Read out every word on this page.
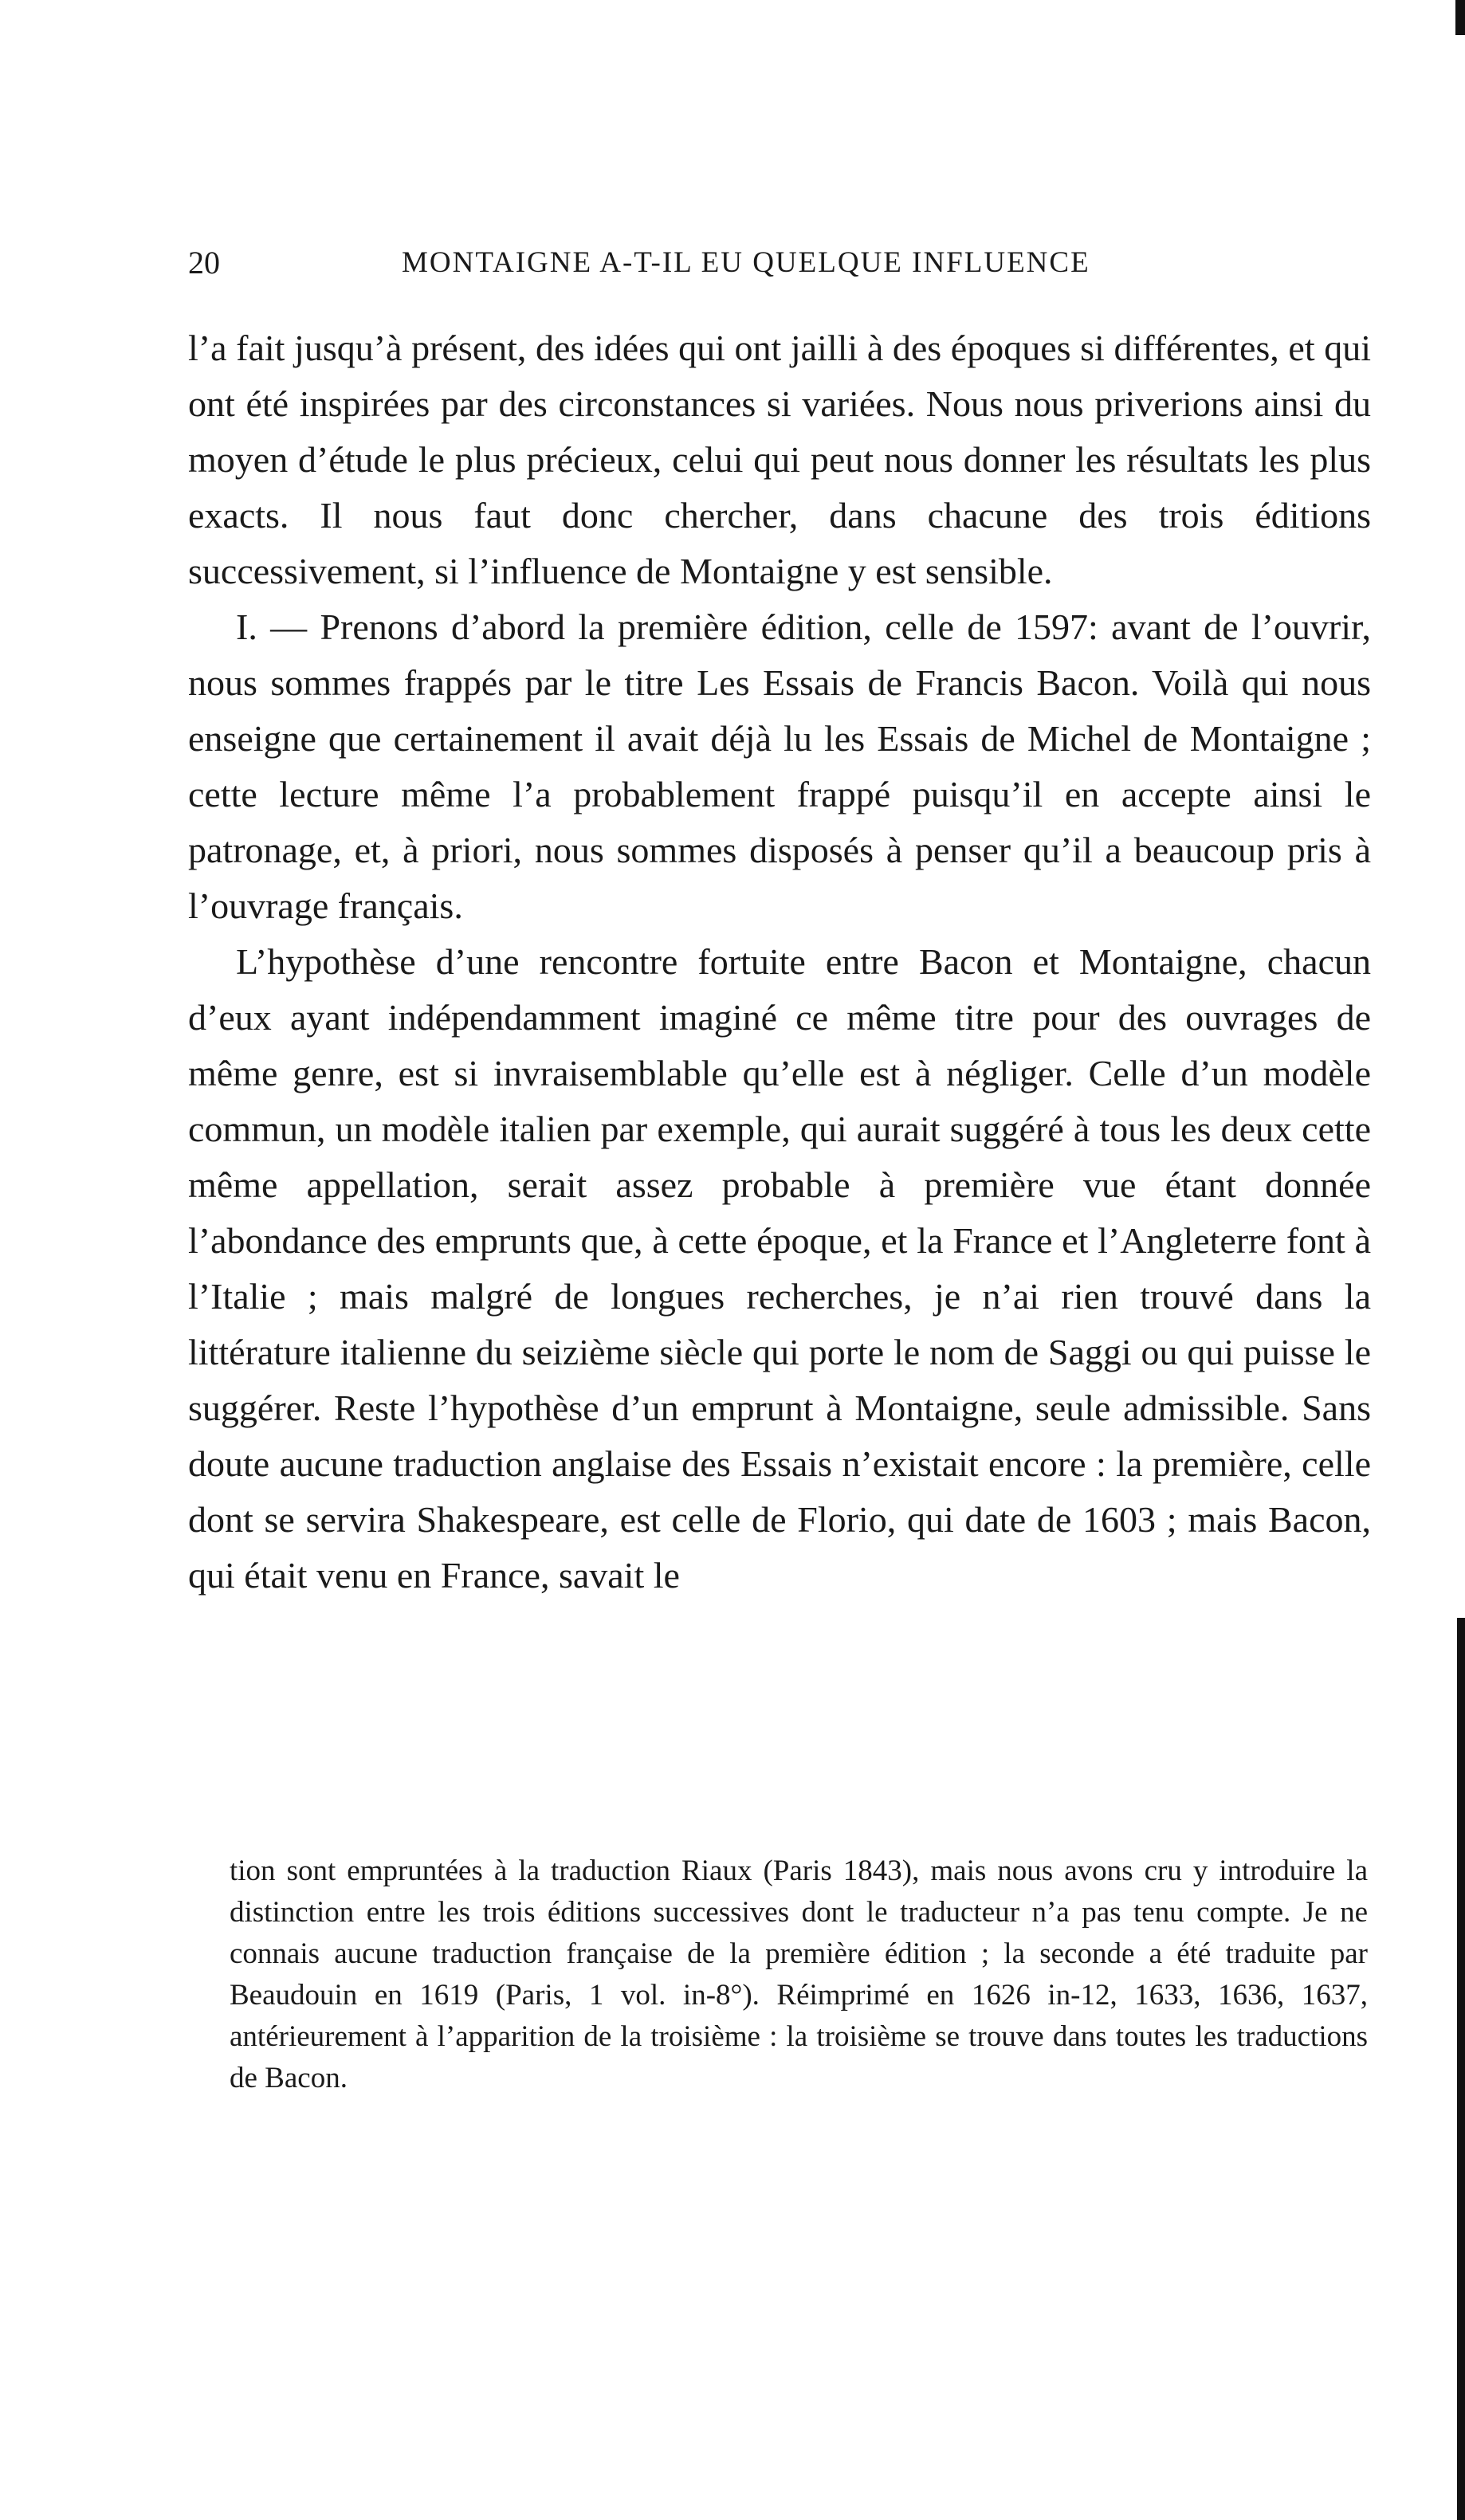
20	MONTAIGNE A-T-IL EU QUELQUE INFLUENCE

l’a fait jusqu’à présent, des idées qui ont jailli à des époques si différentes, et qui ont été inspirées par des circonstances si variées. Nous nous priverions ainsi du moyen d’étude le plus précieux, celui qui peut nous donner les résultats les plus exacts. Il nous faut donc chercher, dans chacune des trois éditions successivement, si l’influence de Montaigne y est sensible.

I. — Prenons d’abord la première édition, celle de 1597: avant de l’ouvrir, nous sommes frappés par le titre Les Essais de Francis Bacon. Voilà qui nous enseigne que certainement il avait déjà lu les Essais de Michel de Montaigne ; cette lecture même l’a probablement frappé puisqu’il en accepte ainsi le patronage, et, à priori, nous sommes disposés à penser qu’il a beaucoup pris à l’ouvrage français.

L’hypothèse d’une rencontre fortuite entre Bacon et Montaigne, chacun d’eux ayant indépendamment imaginé ce même titre pour des ouvrages de même genre, est si invraisemblable qu’elle est à négliger. Celle d’un modèle commun, un modèle italien par exemple, qui aurait suggéré à tous les deux cette même appellation, serait assez probable à première vue étant donnée l’abondance des emprunts que, à cette époque, et la France et l’Angleterre font à l’Italie ; mais malgré de longues recherches, je n’ai rien trouvé dans la littérature italienne du seizième siècle qui porte le nom de Saggi ou qui puisse le suggérer. Reste l’hypothèse d’un emprunt à Montaigne, seule admissible. Sans doute aucune traduction anglaise des Essais n’existait encore : la première, celle dont se servira Shakespeare, est celle de Florio, qui date de 1603 ; mais Bacon, qui était venu en France, savait le

tion sont empruntées à la traduction Riaux (Paris 1843), mais nous avons cru y introduire la distinction entre les trois éditions successives dont le traducteur n’a pas tenu compte. Je ne connais aucune traduction française de la première édition ; la seconde a été traduite par Beaudouin en 1619 (Paris, 1 vol. in-8°). Réimprimé en 1626 in-12, 1633, 1636, 1637, antérieurement à l’apparition de la troisième : la troisième se trouve dans toutes les traductions de Bacon.
